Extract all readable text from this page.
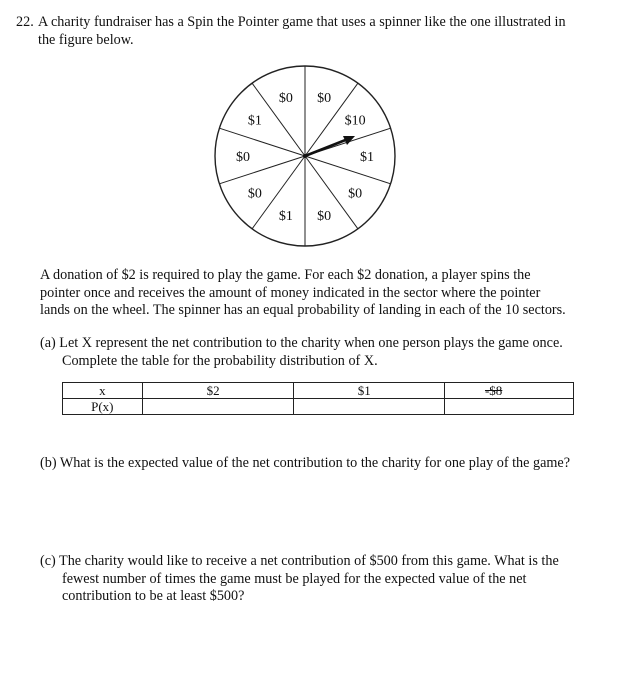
22. A charity fundraiser has a Spin the Pointer game that uses a spinner like the one illustrated in
the figure below.
$0
$1
$0
$0
$1 $0
$0
$1
$10
$0
A donation of $2 is required to play the game. For each $2 donation, a player spins the
pointer once and receives the amount of money indicated in the sector where the pointer
lands on the wheel. The spinner has an equal probability of landing in each of the 10 sectors.
(a) Let X represent the net contribution to the charity when one person plays the game once.
Complete the table for the probability distribution of X.
x	$2	$1	-$8
P(x)			
(b) What is the expected value of the net contribution to the charity for one play of the game?
(c) The charity would like to receive a net contribution of $500 from this game. What is the
fewest number of times the game must be played for the expected value of the net
contribution to be at least $500?
